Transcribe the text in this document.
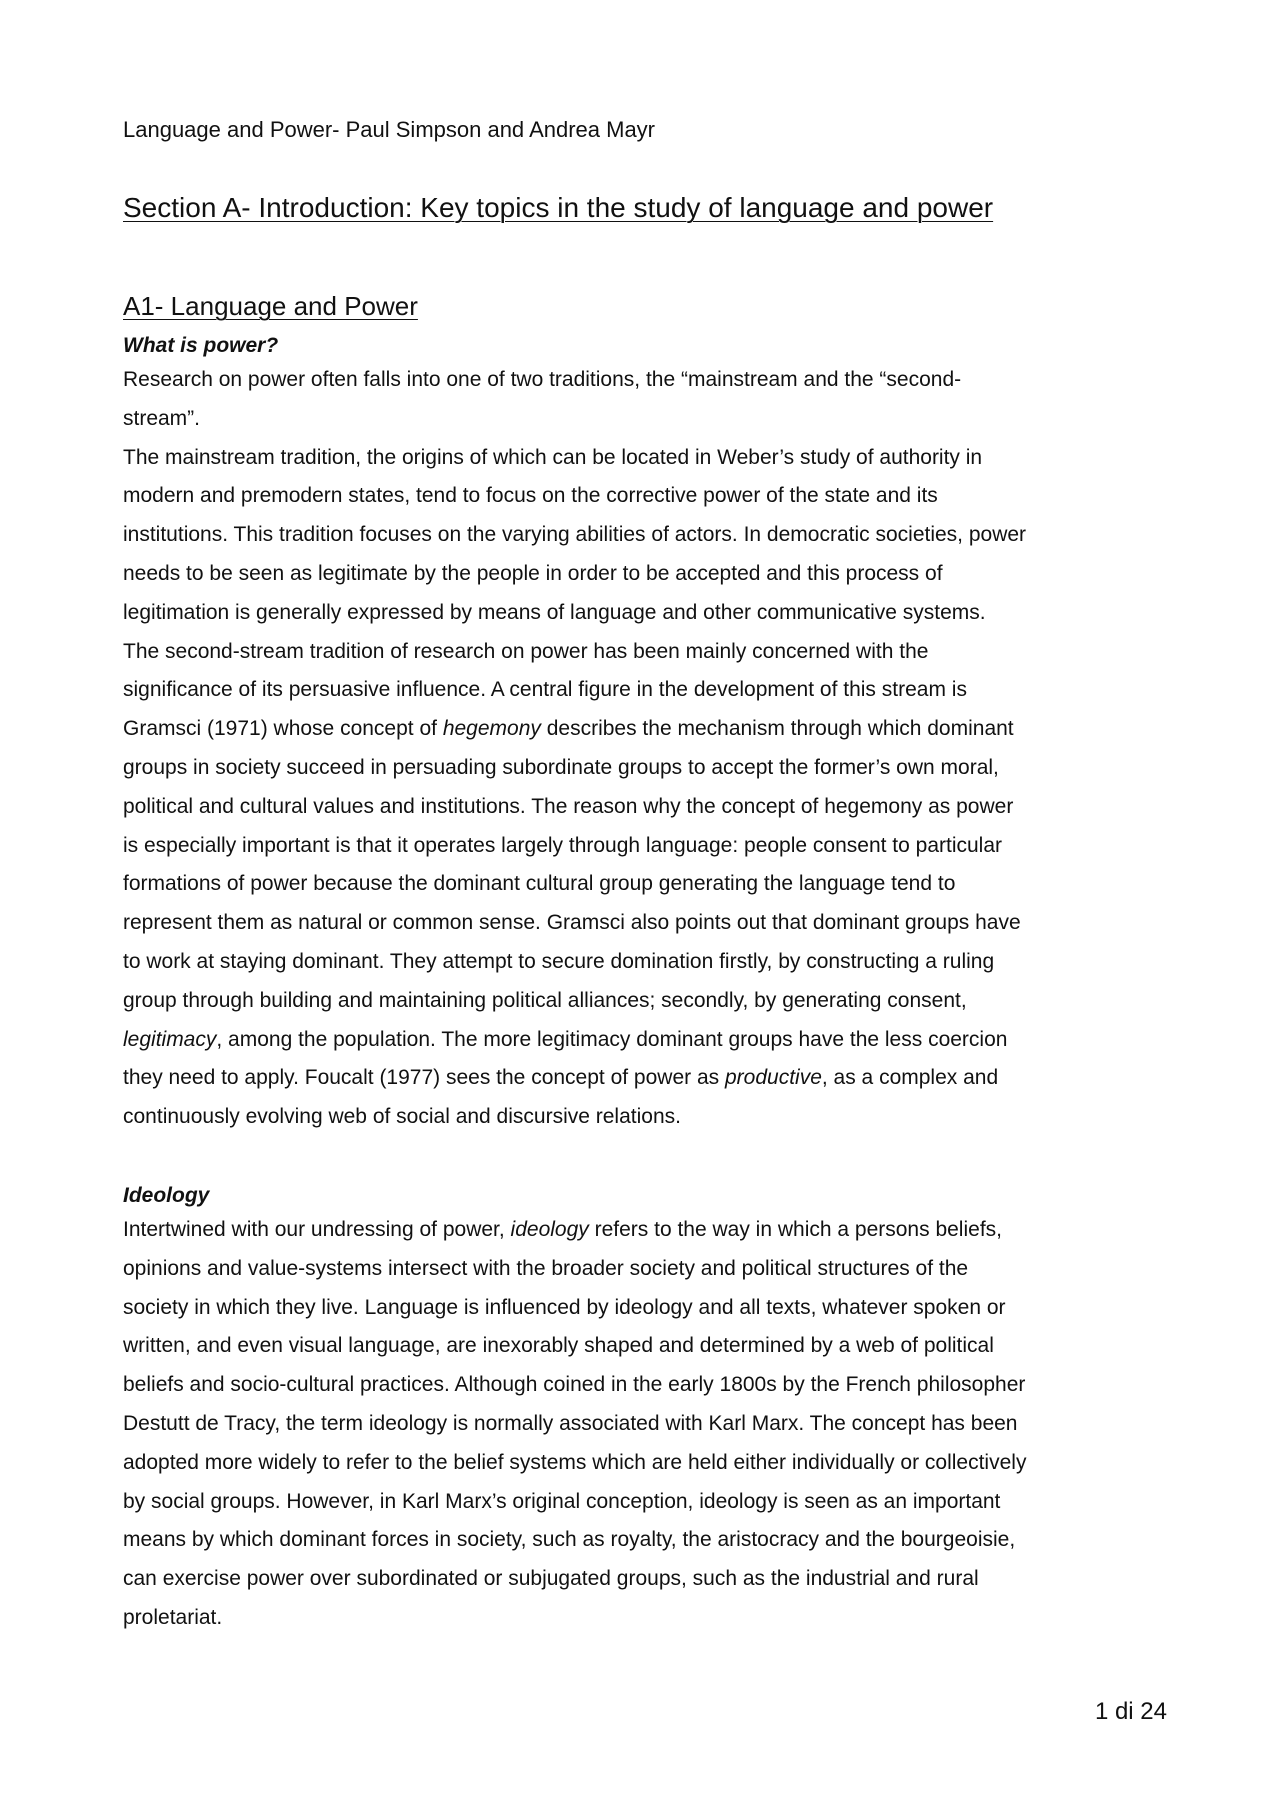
Language and Power- Paul Simpson and Andrea Mayr

Section A- Introduction: Key topics in the study of language and power
A1- Language and Power
What is power?
Research on power often falls into one of two traditions, the “mainstream and the “second-
stream”.
The mainstream tradition, the origins of which can be located in Weber’s study of authority in
modern and premodern states, tend to focus on the corrective power of the state and its
institutions. This tradition focuses on the varying abilities of actors. In democratic societies, power
needs to be seen as legitimate by the people in order to be accepted and this process of
legitimation is generally expressed by means of language and other communicative systems.
The second-stream tradition of research on power has been mainly concerned with the
significance of its persuasive influence. A central figure in the development of this stream is
Gramsci (1971) whose concept of hegemony describes the mechanism through which dominant
groups in society succeed in persuading subordinate groups to accept the former’s own moral,
political and cultural values and institutions. The reason why the concept of hegemony as power
is especially important is that it operates largely through language: people consent to particular
formations of power because the dominant cultural group generating the language tend to
represent them as natural or common sense. Gramsci also points out that dominant groups have
to work at staying dominant. They attempt to secure domination firstly, by constructing a ruling
group through building and maintaining political alliances; secondly, by generating consent,
legitimacy, among the population. The more legitimacy dominant groups have the less coercion
they need to apply. Foucalt (1977) sees the concept of power as productive, as a complex and
continuously evolving web of social and discursive relations.
Ideology
Intertwined with our undressing of power, ideology refers to the way in which a persons beliefs,
opinions and value-systems intersect with the broader society and political structures of the
society in which they live. Language is influenced by ideology and all texts, whatever spoken or
written, and even visual language, are inexorably shaped and determined by a web of political
beliefs and socio-cultural practices. Although coined in the early 1800s by the French philosopher
Destutt de Tracy, the term ideology is normally associated with Karl Marx. The concept has been
adopted more widely to refer to the belief systems which are held either individually or collectively
by social groups. However, in Karl Marx’s original conception, ideology is seen as an important
means by which dominant forces in society, such as royalty, the aristocracy and the bourgeoisie,
can exercise power over subordinated or subjugated groups, such as the industrial and rural
proletariat.
1 di 24
